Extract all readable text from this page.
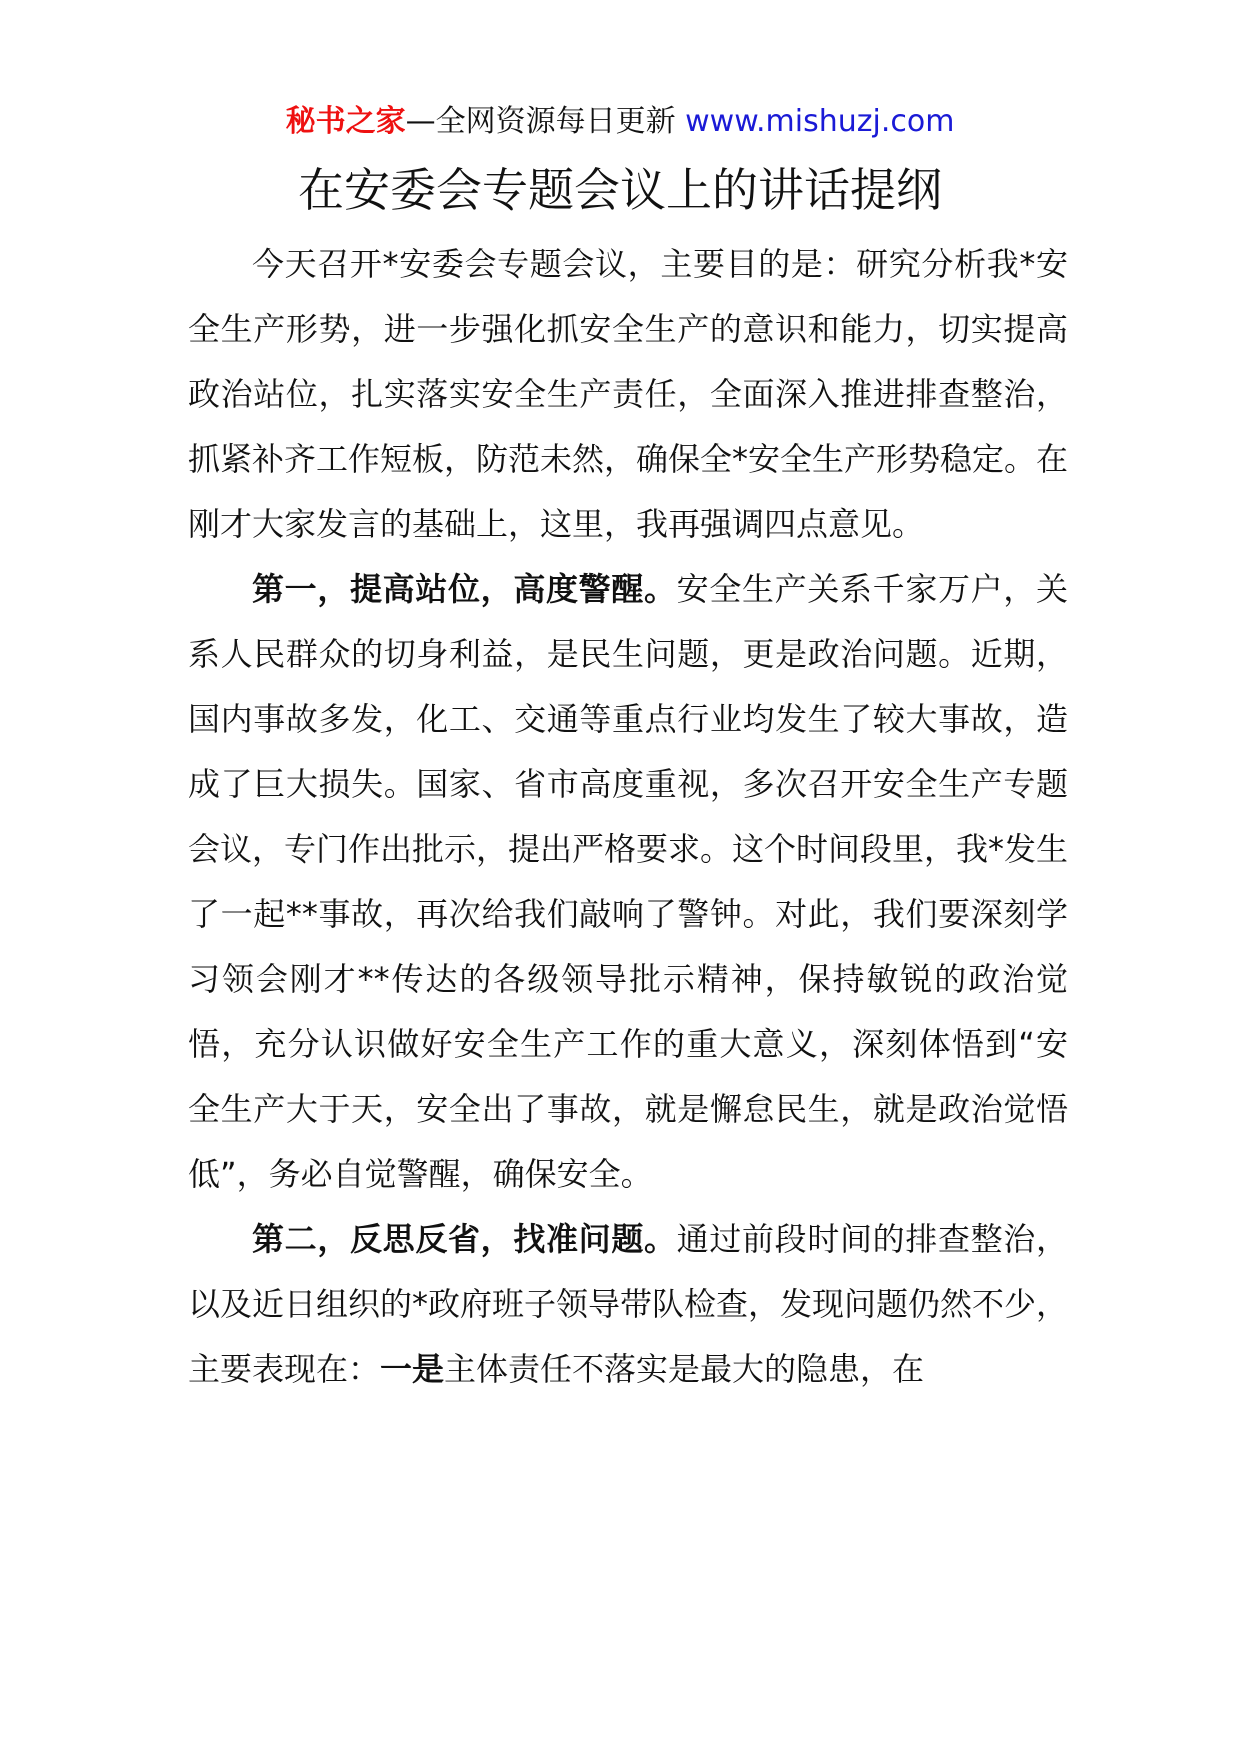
秘书之家—全网资源每日更新 www.mishuzj.com
在安委会专题会议上的讲话提纲

今天召开*安委会专题会议，主要目的是：研究分析我*安全生产形势，进一步强化抓安全生产的意识和能力，切实提高政治站位，扎实落实安全生产责任，全面深入推进排查整治，抓紧补齐工作短板，防范未然，确保全*安全生产形势稳定。在刚才大家发言的基础上，这里，我再强调四点意见。

第一，提高站位，高度警醒。安全生产关系千家万户，关系人民群众的切身利益，是民生问题，更是政治问题。近期，国内事故多发，化工、交通等重点行业均发生了较大事故，造成了巨大损失。国家、省市高度重视，多次召开安全生产专题会议，专门作出批示，提出严格要求。这个时间段里，我*发生了一起**事故，再次给我们敲响了警钟。对此，我们要深刻学习领会刚才**传达的各级领导批示精神，保持敏锐的政治觉悟，充分认识做好安全生产工作的重大意义，深刻体悟到“安全生产大于天，安全出了事故，就是懈怠民生，就是政治觉悟低”，务必自觉警醒，确保安全。

第二，反思反省，找准问题。通过前段时间的排查整治，以及近日组织的*政府班子领导带队检查，发现问题仍然不少，主要表现在：一是主体责任不落实是最大的隐患，在
